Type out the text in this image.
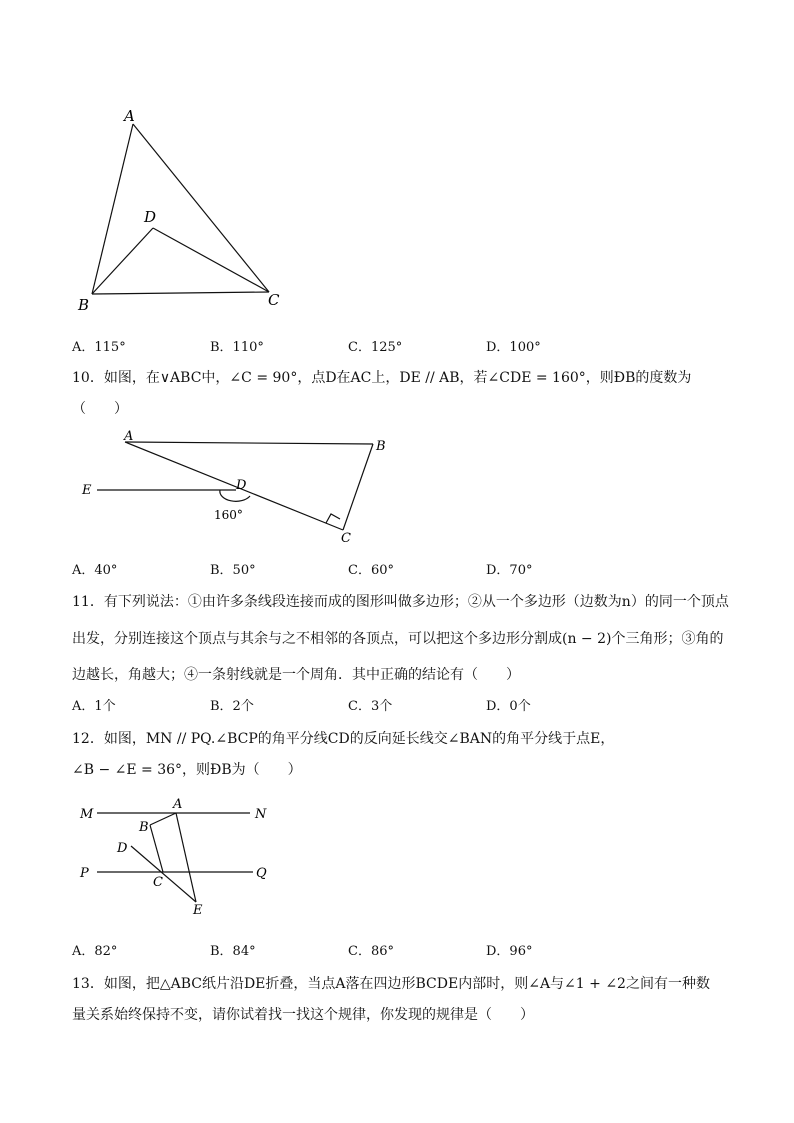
A
D
B	C
A．115°	B．110°	C．125°	D．100°
10．如图，在∨ABC中，∠C = 90°，点D在AC上，DE // AB，若∠CDE = 160°，则ÐB的度数为
（　　）
A
B
E	D
C
160°
A．40°	B．50°	C．60°	D．70°
11．有下列说法：①由许多条线段连接而成的图形叫做多边形；②从一个多边形（边数为n）的同一个顶点
出发，分别连接这个顶点与其余与之不相邻的各顶点，可以把这个多边形分割成(n − 2)个三角形；③角的
边越长，角越大；④一条射线就是一个周角．其中正确的结论有（　　）
A．1个	B．2个	C．3个	D．0个
12．如图，MN // PQ.∠BCP的角平分线CD的反向延长线交∠BAN的角平分线于点E，
∠B − ∠E = 36°，则ÐB为（　　）
M	N
A
B
D
P
C
Q
E
A．82°	B．84°	C．86°	D．96°
13．如图，把△ABC纸片沿DE折叠，当点A落在四边形BCDE内部时，则∠A与∠1 + ∠2之间有一种数
量关系始终保持不变，请你试着找一找这个规律，你发现的规律是（　　）
